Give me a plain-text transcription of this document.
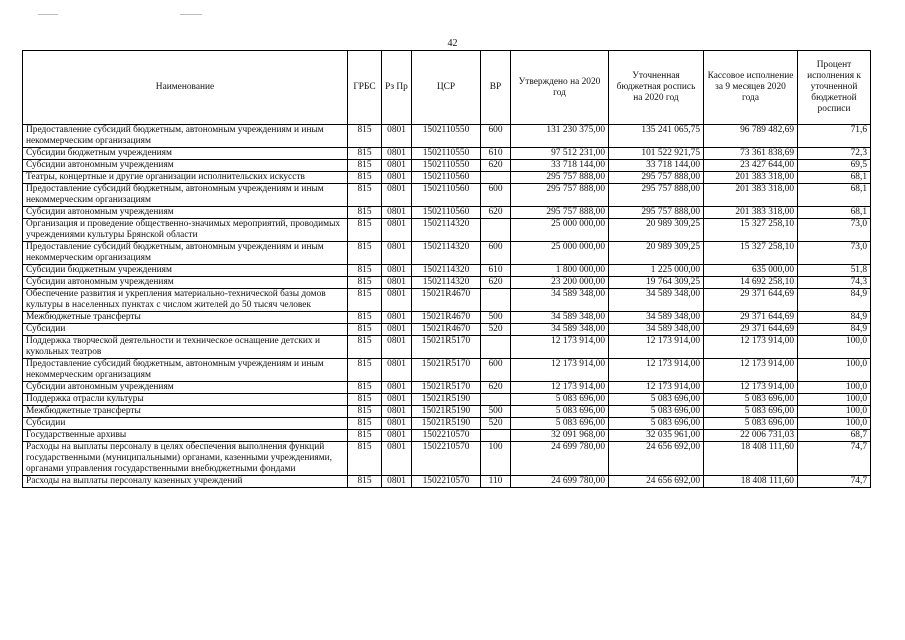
42
Наименование	ГРБС	Рз Пр	ЦСР	ВР	Утверждено на 2020 год	Уточненная бюджетная роспись на 2020 год	Кассовое исполнение за 9 месяцев 2020 года	Процент исполнения к уточненной бюджетной росписи
Предоставление субсидий бюджетным, автономным учреждениям и иным некоммерческим организациям	815	0801	1502110550	600	131 230 375,00	135 241 065,75	96 789 482,69	71,6
Субсидии бюджетным учреждениям	815	0801	1502110550	610	97 512 231,00	101 522 921,75	73 361 838,69	72,3
Субсидии автономным учреждениям	815	0801	1502110550	620	33 718 144,00	33 718 144,00	23 427 644,00	69,5
Театры, концертные и другие организации исполнительских искусств	815	0801	1502110560		295 757 888,00	295 757 888,00	201 383 318,00	68,1
Предоставление субсидий бюджетным, автономным учреждениям и иным некоммерческим организациям	815	0801	1502110560	600	295 757 888,00	295 757 888,00	201 383 318,00	68,1
Субсидии автономным учреждениям	815	0801	1502110560	620	295 757 888,00	295 757 888,00	201 383 318,00	68,1
Организация и проведение общественно-значимых мероприятий, проводимых учреждениями культуры Брянской области	815	0801	1502114320		25 000 000,00	20 989 309,25	15 327 258,10	73,0
Предоставление субсидий бюджетным, автономным учреждениям и иным некоммерческим организациям	815	0801	1502114320	600	25 000 000,00	20 989 309,25	15 327 258,10	73,0
Субсидии бюджетным учреждениям	815	0801	1502114320	610	1 800 000,00	1 225 000,00	635 000,00	51,8
Субсидии автономным учреждениям	815	0801	1502114320	620	23 200 000,00	19 764 309,25	14 692 258,10	74,3
Обеспечение развития и укрепления материально-технической базы домов культуры в населенных пунктах с числом жителей до 50 тысяч человек	815	0801	15021R4670		34 589 348,00	34 589 348,00	29 371 644,69	84,9
Межбюджетные трансферты	815	0801	15021R4670	500	34 589 348,00	34 589 348,00	29 371 644,69	84,9
Субсидии	815	0801	15021R4670	520	34 589 348,00	34 589 348,00	29 371 644,69	84,9
Поддержка творческой деятельности и техническое оснащение детских и кукольных театров	815	0801	15021R5170		12 173 914,00	12 173 914,00	12 173 914,00	100,0
Предоставление субсидий бюджетным, автономным учреждениям и иным некоммерческим организациям	815	0801	15021R5170	600	12 173 914,00	12 173 914,00	12 173 914,00	100,0
Субсидии автономным учреждениям	815	0801	15021R5170	620	12 173 914,00	12 173 914,00	12 173 914,00	100,0
Поддержка отрасли культуры	815	0801	15021R5190		5 083 696,00	5 083 696,00	5 083 696,00	100,0
Межбюджетные трансферты	815	0801	15021R5190	500	5 083 696,00	5 083 696,00	5 083 696,00	100,0
Субсидии	815	0801	15021R5190	520	5 083 696,00	5 083 696,00	5 083 696,00	100,0
Государственные архивы	815	0801	1502210570		32 091 968,00	32 035 961,00	22 006 731,03	68,7
Расходы на выплаты персоналу в целях обеспечения выполнения функций государственными (муниципальными) органами, казенными учреждениями, органами управления государственными внебюджетными фондами	815	0801	1502210570	100	24 699 780,00	24 656 692,00	18 408 111,60	74,7
Расходы на выплаты персоналу казенных учреждений	815	0801	1502210570	110	24 699 780,00	24 656 692,00	18 408 111,60	74,7
